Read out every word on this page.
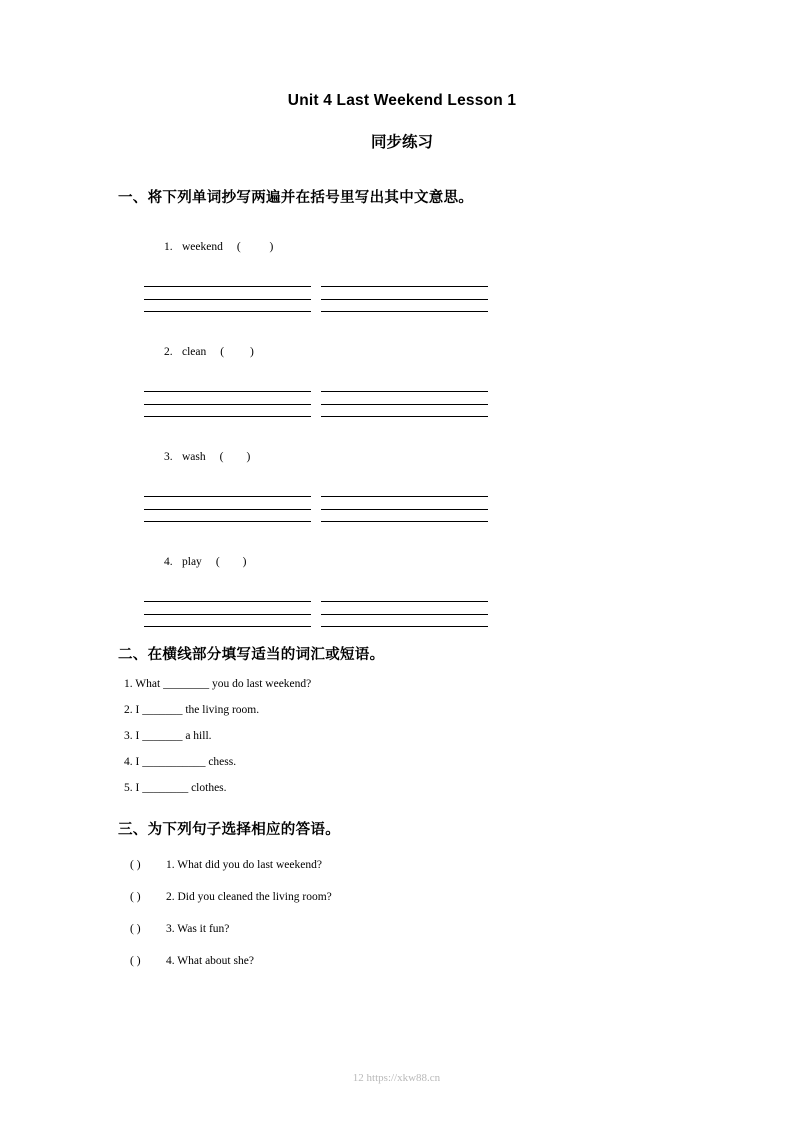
Unit 4 Last Weekend Lesson 1
同步练习
一、将下列单词抄写两遍并在括号里写出其中文意思。

1. weekend (          )

2. clean (         )

3. wash (        )

4. play (        )

二、在横线部分填写适当的词汇或短语。
1. What ________ you do last weekend?
2. I _______ the living room.
3. I _______ a hill.
4. I ___________ chess.
5. I ________ clothes.
三、为下列句子选择相应的答语。
( ) 1. What did you do last weekend?
( ) 2. Did you cleaned the living room?
( ) 3. Was it fun?
( ) 4. What about she?
12 https://xkw88.cn
